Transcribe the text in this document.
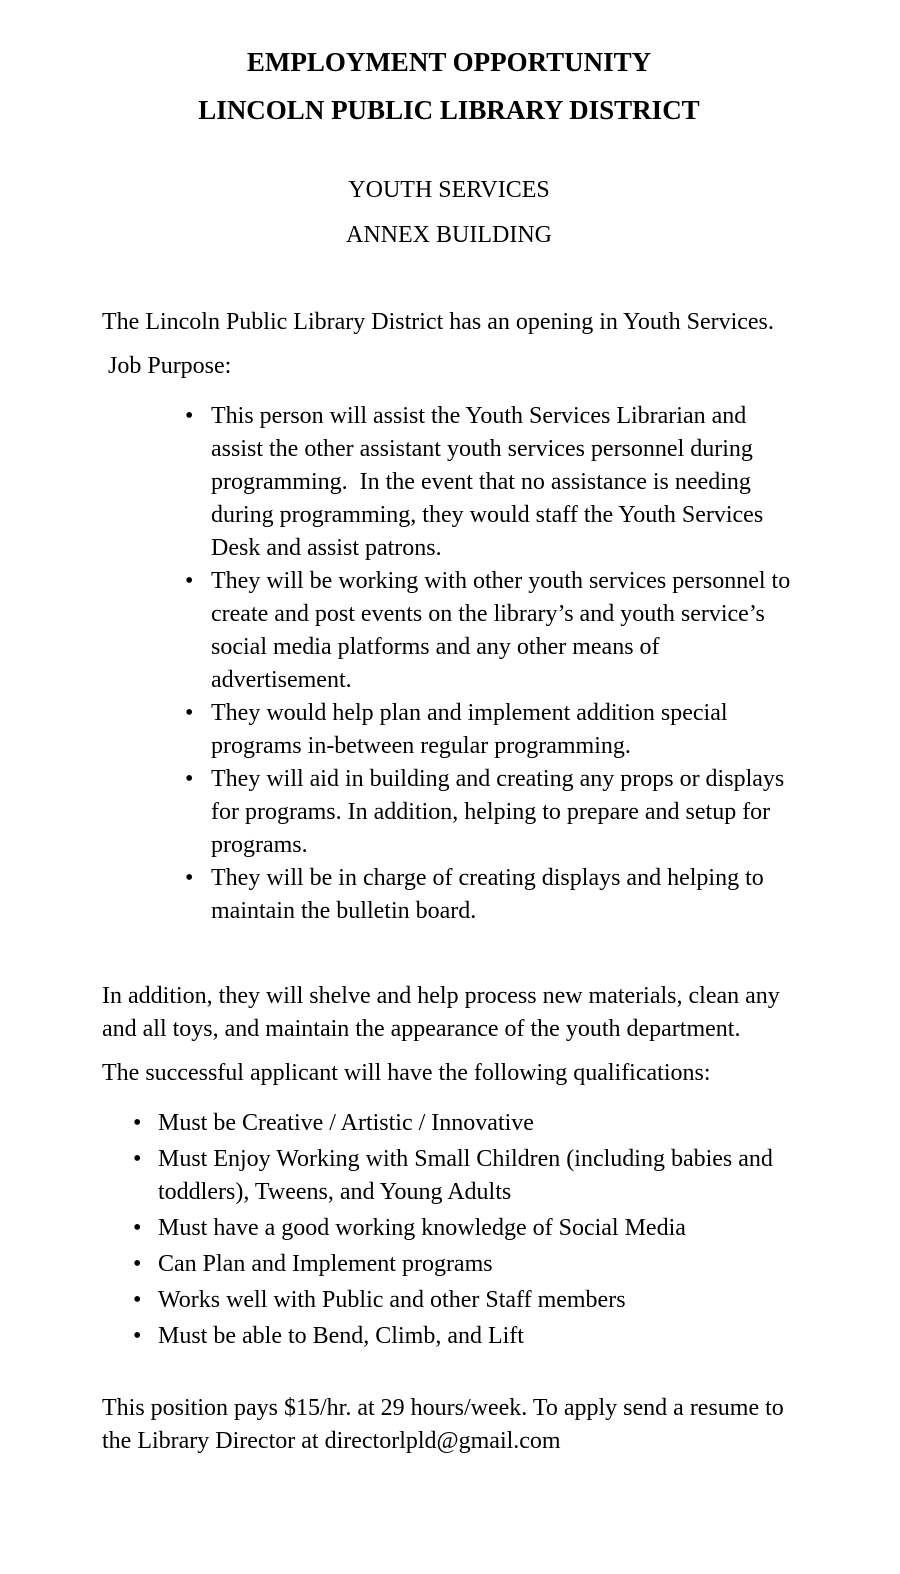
EMPLOYMENT OPPORTUNITY
LINCOLN PUBLIC LIBRARY DISTRICT

YOUTH SERVICES

ANNEX BUILDING

The Lincoln Public Library District has an opening in Youth Services.

Job Purpose:

• This person will assist the Youth Services Librarian and assist the other assistant youth services personnel during programming.  In the event that no assistance is needing during programming, they would staff the Youth Services Desk and assist patrons.
• They will be working with other youth services personnel to create and post events on the library’s and youth service’s social media platforms and any other means of advertisement.
• They would help plan and implement addition special programs in-between regular programming.
• They will aid in building and creating any props or displays for programs. In addition, helping to prepare and setup for programs.
• They will be in charge of creating displays and helping to maintain the bulletin board.

In addition, they will shelve and help process new materials, clean any and all toys, and maintain the appearance of the youth department.

The successful applicant will have the following qualifications:

• Must be Creative / Artistic / Innovative
• Must Enjoy Working with Small Children (including babies and toddlers), Tweens, and Young Adults
• Must have a good working knowledge of Social Media
• Can Plan and Implement programs
• Works well with Public and other Staff members
• Must be able to Bend, Climb, and Lift

This position pays $15/hr. at 29 hours/week. To apply send a resume to the Library Director at directorlpld@gmail.com
